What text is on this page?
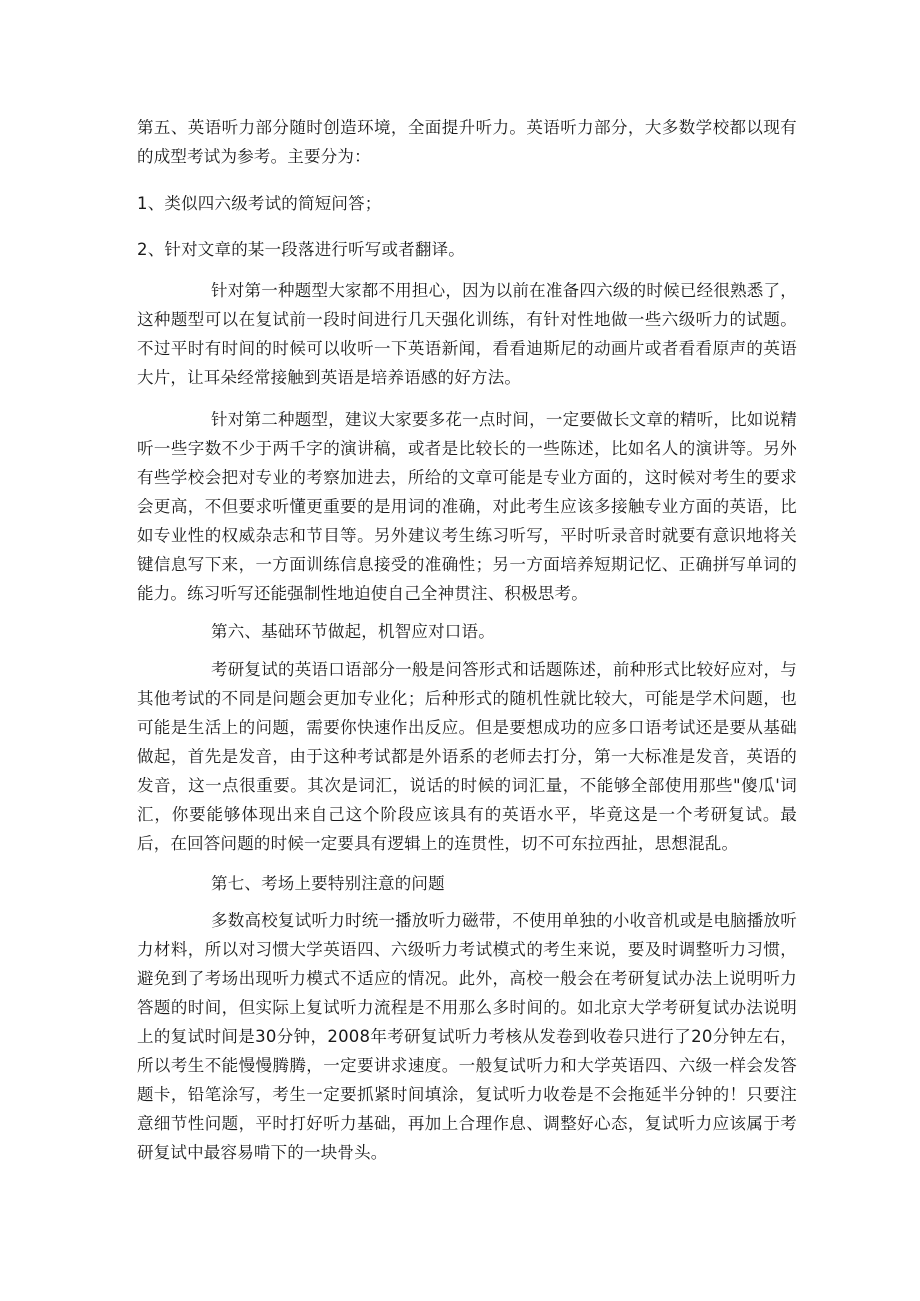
第五、英语听力部分随时创造环境，全面提升听力。英语听力部分，大多数学校都以现有的成型考试为参考。主要分为：

1、类似四六级考试的简短问答；

2、针对文章的某一段落进行听写或者翻译。

针对第一种题型大家都不用担心，因为以前在准备四六级的时候已经很熟悉了，这种题型可以在复试前一段时间进行几天强化训练，有针对性地做一些六级听力的试题。不过平时有时间的时候可以收听一下英语新闻，看看迪斯尼的动画片或者看看原声的英语大片，让耳朵经常接触到英语是培养语感的好方法。

针对第二种题型，建议大家要多花一点时间，一定要做长文章的精听，比如说精听一些字数不少于两千字的演讲稿，或者是比较长的一些陈述，比如名人的演讲等。另外有些学校会把对专业的考察加进去，所给的文章可能是专业方面的，这时候对考生的要求会更高，不但要求听懂更重要的是用词的准确，对此考生应该多接触专业方面的英语，比如专业性的权威杂志和节目等。另外建议考生练习听写，平时听录音时就要有意识地将关键信息写下来，一方面训练信息接受的准确性；另一方面培养短期记忆、正确拼写单词的能力。练习听写还能强制性地迫使自己全神贯注、积极思考。

第六、基础环节做起，机智应对口语。

考研复试的英语口语部分一般是问答形式和话题陈述，前种形式比较好应对，与其他考试的不同是问题会更加专业化；后种形式的随机性就比较大，可能是学术问题，也可能是生活上的问题，需要你快速作出反应。但是要想成功的应多口语考试还是要从基础做起，首先是发音，由于这种考试都是外语系的老师去打分，第一大标准是发音，英语的发音，这一点很重要。其次是词汇，说话的时候的词汇量，不能够全部使用那些"傻瓜'词汇，你要能够体现出来自己这个阶段应该具有的英语水平，毕竟这是一个考研复试。最后，在回答问题的时候一定要具有逻辑上的连贯性，切不可东拉西扯，思想混乱。

第七、考场上要特别注意的问题

多数高校复试听力时统一播放听力磁带，不使用单独的小收音机或是电脑播放听力材料，所以对习惯大学英语四、六级听力考试模式的考生来说，要及时调整听力习惯，避免到了考场出现听力模式不适应的情况。此外，高校一般会在考研复试办法上说明听力答题的时间，但实际上复试听力流程是不用那么多时间的。如北京大学考研复试办法说明上的复试时间是30分钟，2008年考研复试听力考核从发卷到收卷只进行了20分钟左右，所以考生不能慢慢腾腾，一定要讲求速度。一般复试听力和大学英语四、六级一样会发答题卡，铅笔涂写，考生一定要抓紧时间填涂，复试听力收卷是不会拖延半分钟的！只要注意细节性问题，平时打好听力基础，再加上合理作息、调整好心态，复试听力应该属于考研复试中最容易啃下的一块骨头。
